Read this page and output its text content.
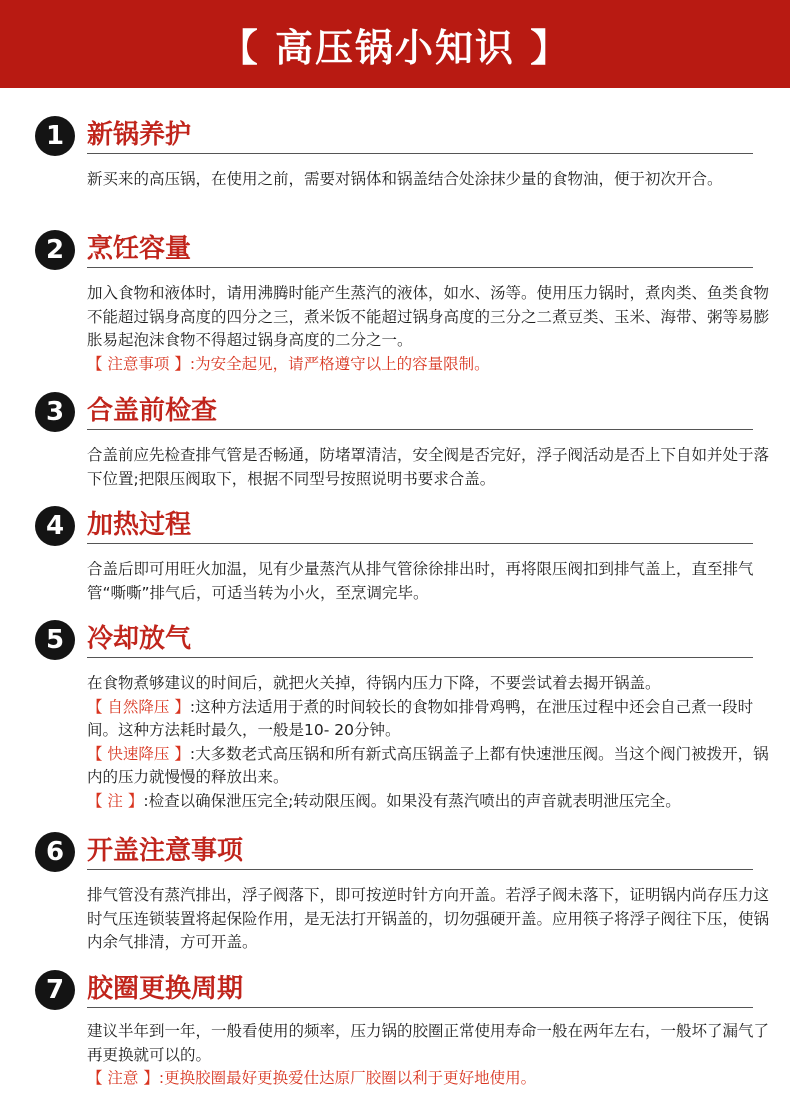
【 高压锅小知识 】
1 新锅养护

新买来的高压锅，在使用之前，需要对锅体和锅盖结合处涂抹少量的食物油，便于初次开合。

2 烹饪容量

加入食物和液体时，请用沸腾时能产生蒸汽的液体，如水、汤等。使用压力锅时，煮肉类、鱼类食物不能超过锅身高度的四分之三，煮米饭不能超过锅身高度的三分之二煮豆类、玉米、海带、粥等易膨胀易起泡沫食物不得超过锅身高度的二分之一。

【 注意事项 】:为安全起见，请严格遵守以上的容量限制。

3 合盖前检查

合盖前应先检查排气管是否畅通，防堵罩清洁，安全阀是否完好，浮子阀活动是否上下自如并处于落下位置;把限压阀取下，根据不同型号按照说明书要求合盖。

4 加热过程

合盖后即可用旺火加温，见有少量蒸汽从排气管徐徐排出时，再将限压阀扣到排气盖上，直至排气管“嘶嘶”排气后，可适当转为小火，至烹调完毕。

5 冷却放气

在食物煮够建议的时间后，就把火关掉，待锅内压力下降，不要尝试着去揭开锅盖。

【 自然降压 】:这种方法适用于煮的时间较长的食物如排骨鸡鸭，在泄压过程中还会自己煮一段时间。这种方法耗时最久，一般是10- 20分钟。

【 快速降压 】:大多数老式高压锅和所有新式高压锅盖子上都有快速泄压阀。当这个阀门被拨开，锅内的压力就慢慢的释放出来。

【 注 】:检查以确保泄压完全;转动限压阀。如果没有蒸汽喷出的声音就表明泄压完全。

6 开盖注意事项

排气管没有蒸汽排出，浮子阀落下，即可按逆时针方向开盖。若浮子阀未落下，证明锅内尚存压力这时气压连锁装置将起保险作用，是无法打开锅盖的，切勿强硬开盖。应用筷子将浮子阀往下压，使锅内余气排清，方可开盖。

7 胶圈更换周期

建议半年到一年，一般看使用的频率，压力锅的胶圈正常使用寿命一般在两年左右，一般坏了漏气了再更换就可以的。

【 注意 】:更换胶圈最好更换爱仕达原厂胶圈以利于更好地使用。
